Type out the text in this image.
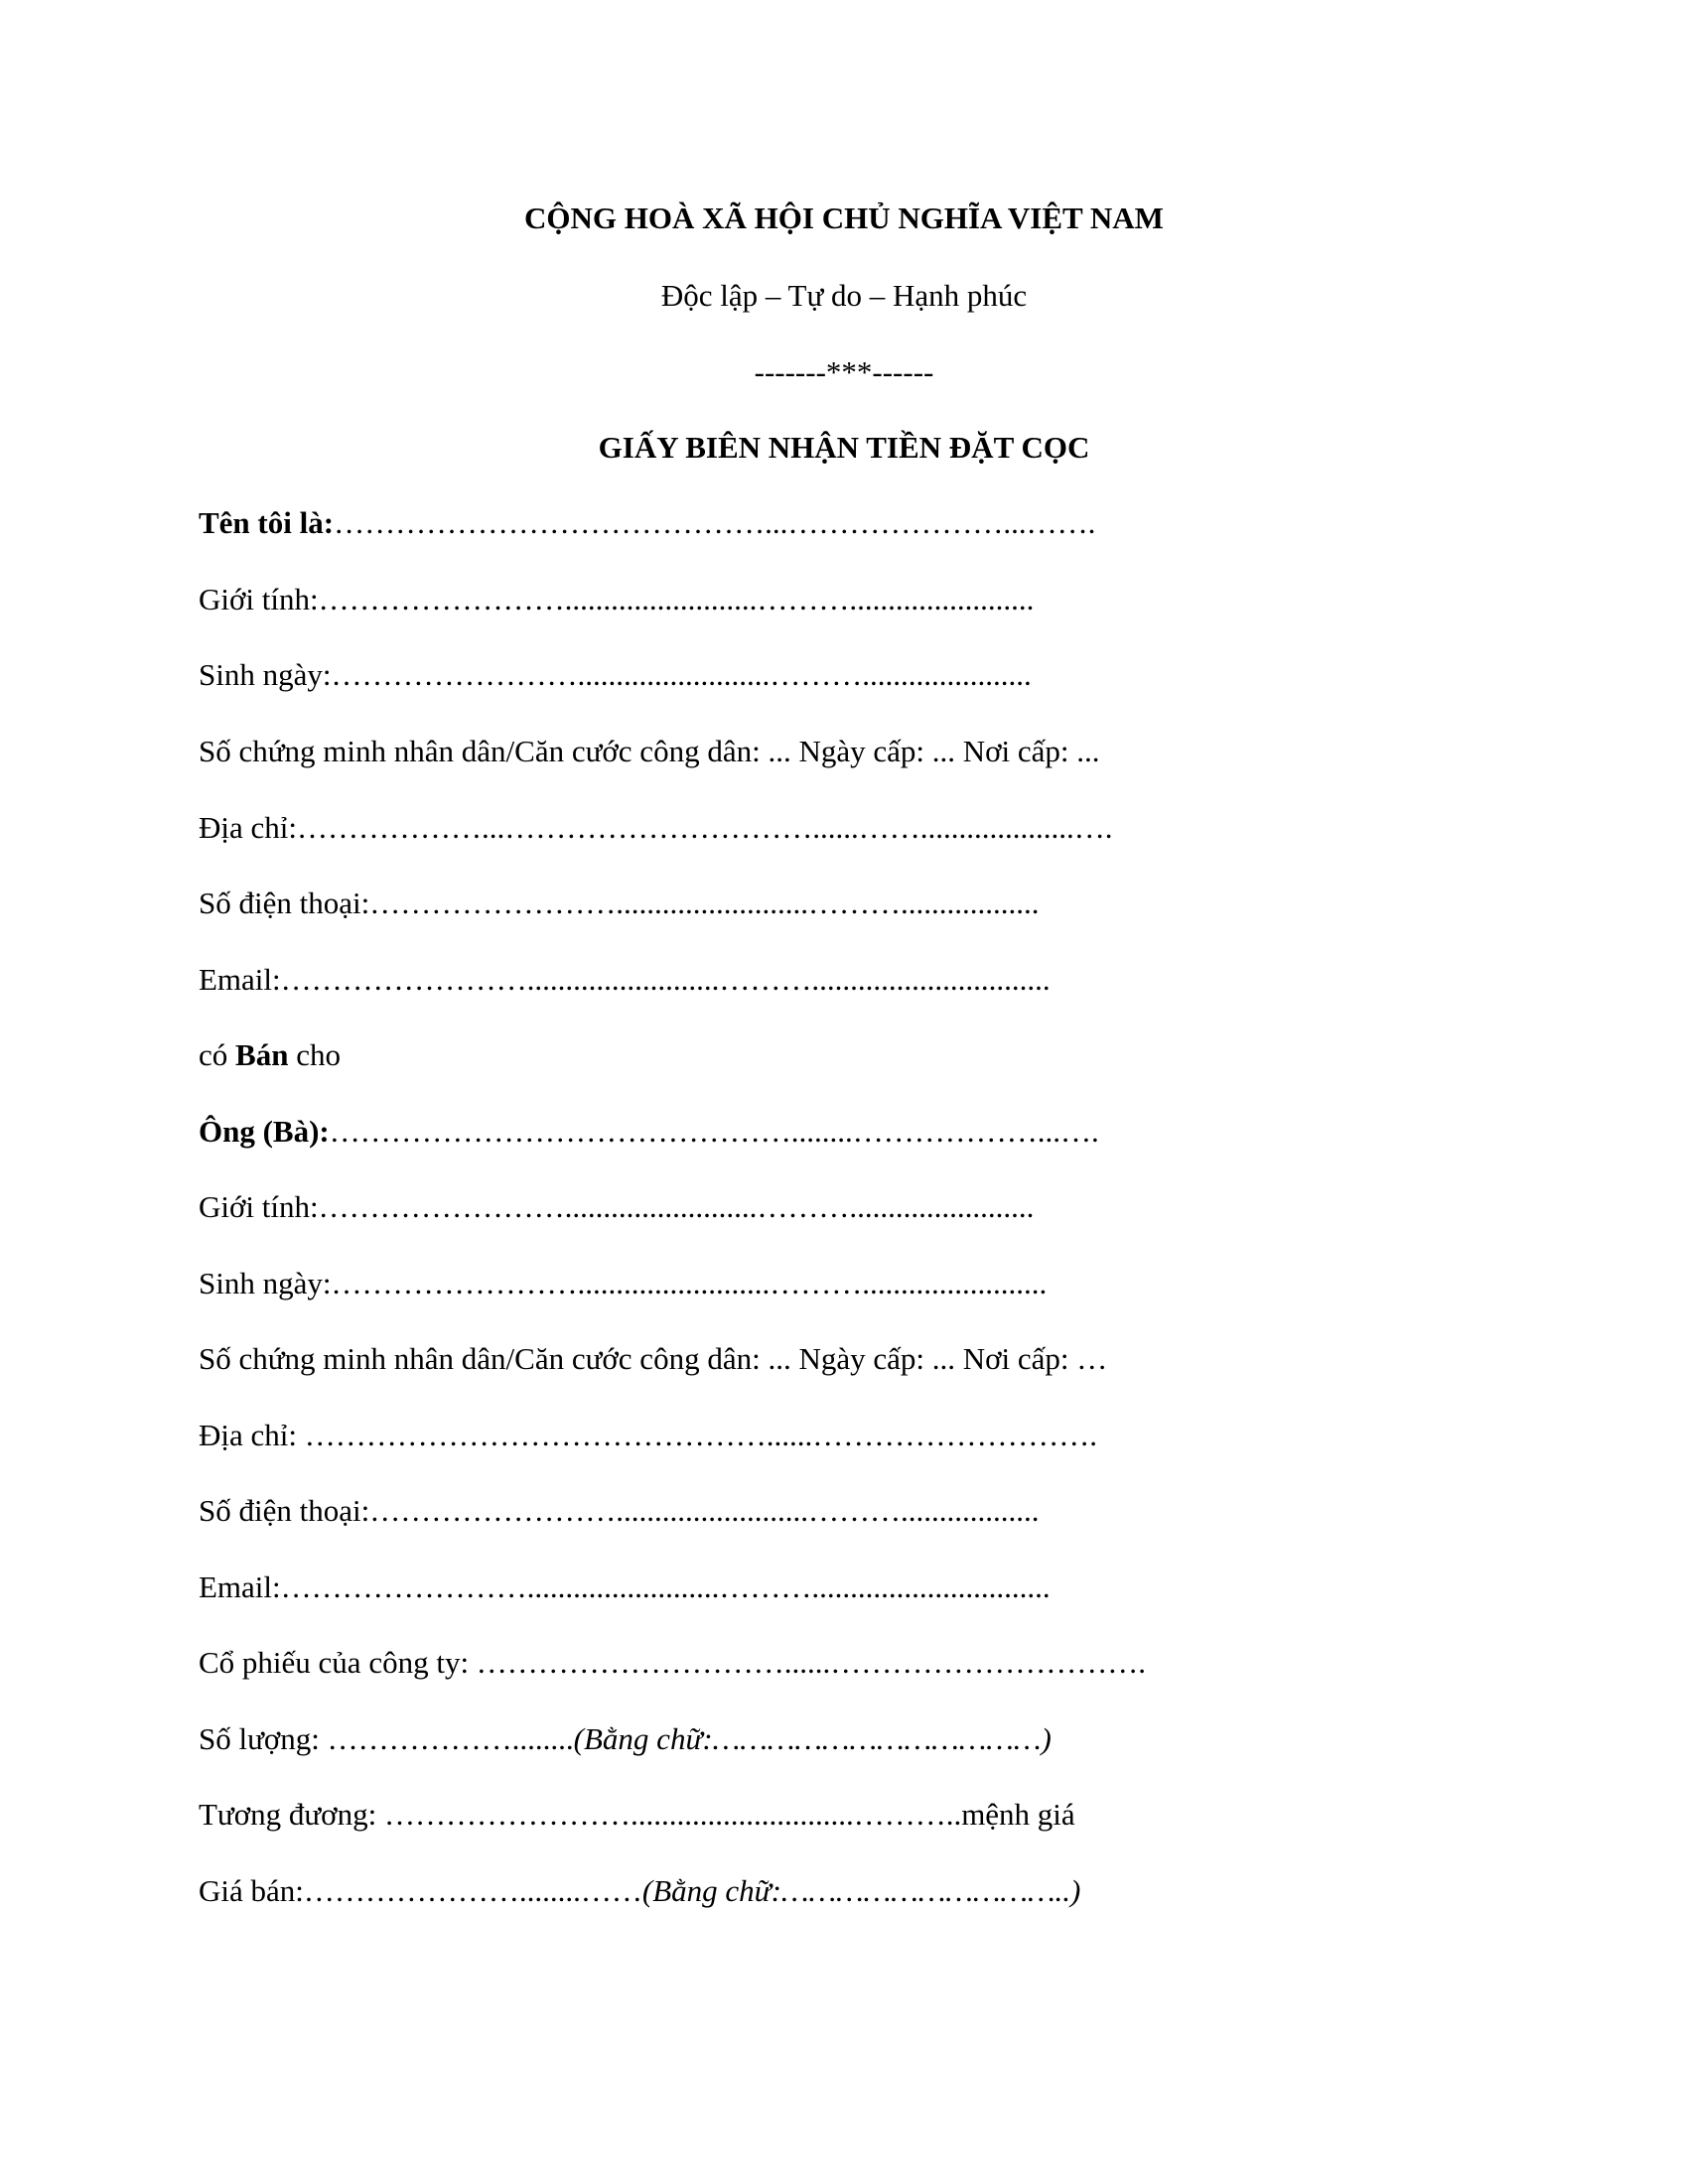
CỘNG HOÀ XÃ HỘI CHỦ NGHĨA VIỆT NAM
Độc lập – Tự do – Hạnh phúc
-------***------
GIẤY BIÊN NHẬN TIỀN ĐẶT CỌC
Tên tôi là:……………………………………...…………………...…….
Giới tính:…………………….........................………........................
Sinh ngày:…………………….........................………......................
Số chứng minh nhân dân/Căn cước công dân: ... Ngày cấp: ... Nơi cấp: ...
Địa chỉ:………………...…………………………......……....................….
Số điện thoại:…………………….........................………..................
Email:…………………….........................………...............................
có Bán cho
Ông (Bà):………………………………………........………………...….
Giới tính:…………………….........................………........................
Sinh ngày:…………………….........................………........................
Số chứng minh nhân dân/Căn cước công dân: ... Ngày cấp: ... Nơi cấp: …
Địa chỉ: ………………………………………......……………………….
Số điện thoại:…………………….........................………..................
Email:…………………….........................………...............................
Cổ phiếu của công ty: …………………………......………………………….
Số lượng: ………………........(Bằng chữ:………………………………)
Tương đương: …………………….............................………..mệnh giá
Giá bán:…………………........……(Bằng chữ:…………………………..)
